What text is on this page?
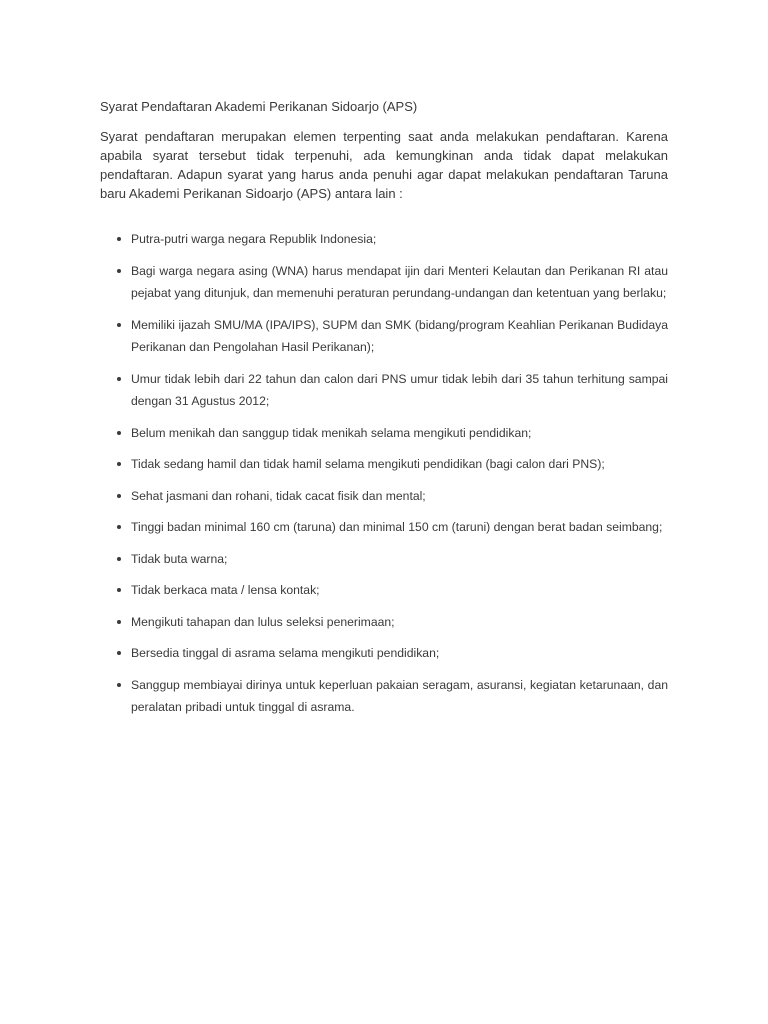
Syarat Pendaftaran Akademi Perikanan Sidoarjo (APS)

Syarat pendaftaran merupakan elemen terpenting saat anda melakukan pendaftaran. Karena apabila syarat tersebut tidak terpenuhi, ada kemungkinan anda tidak dapat melakukan pendaftaran. Adapun syarat yang harus anda penuhi agar dapat melakukan pendaftaran Taruna baru Akademi Perikanan Sidoarjo (APS) antara lain :

Putra-putri warga negara Republik Indonesia;
Bagi warga negara asing (WNA) harus mendapat ijin dari Menteri Kelautan dan Perikanan RI atau pejabat yang ditunjuk, dan memenuhi peraturan perundang-undangan dan ketentuan yang berlaku;
Memiliki ijazah SMU/MA (IPA/IPS), SUPM dan SMK (bidang/program Keahlian Perikanan Budidaya Perikanan dan Pengolahan Hasil Perikanan);
Umur tidak lebih dari 22 tahun dan calon dari PNS umur tidak lebih dari 35 tahun terhitung sampai dengan 31 Agustus 2012;
Belum menikah dan sanggup tidak menikah selama mengikuti pendidikan;
Tidak sedang hamil dan tidak hamil selama mengikuti pendidikan (bagi calon dari PNS);
Sehat jasmani dan rohani, tidak cacat fisik dan mental;
Tinggi badan minimal 160 cm (taruna) dan minimal 150 cm (taruni) dengan berat badan seimbang;
Tidak buta warna;
Tidak berkaca mata / lensa kontak;
Mengikuti tahapan dan lulus seleksi penerimaan;
Bersedia tinggal di asrama selama mengikuti pendidikan;
Sanggup membiayai dirinya untuk keperluan pakaian seragam, asuransi, kegiatan ketarunaan, dan peralatan pribadi untuk tinggal di asrama.
